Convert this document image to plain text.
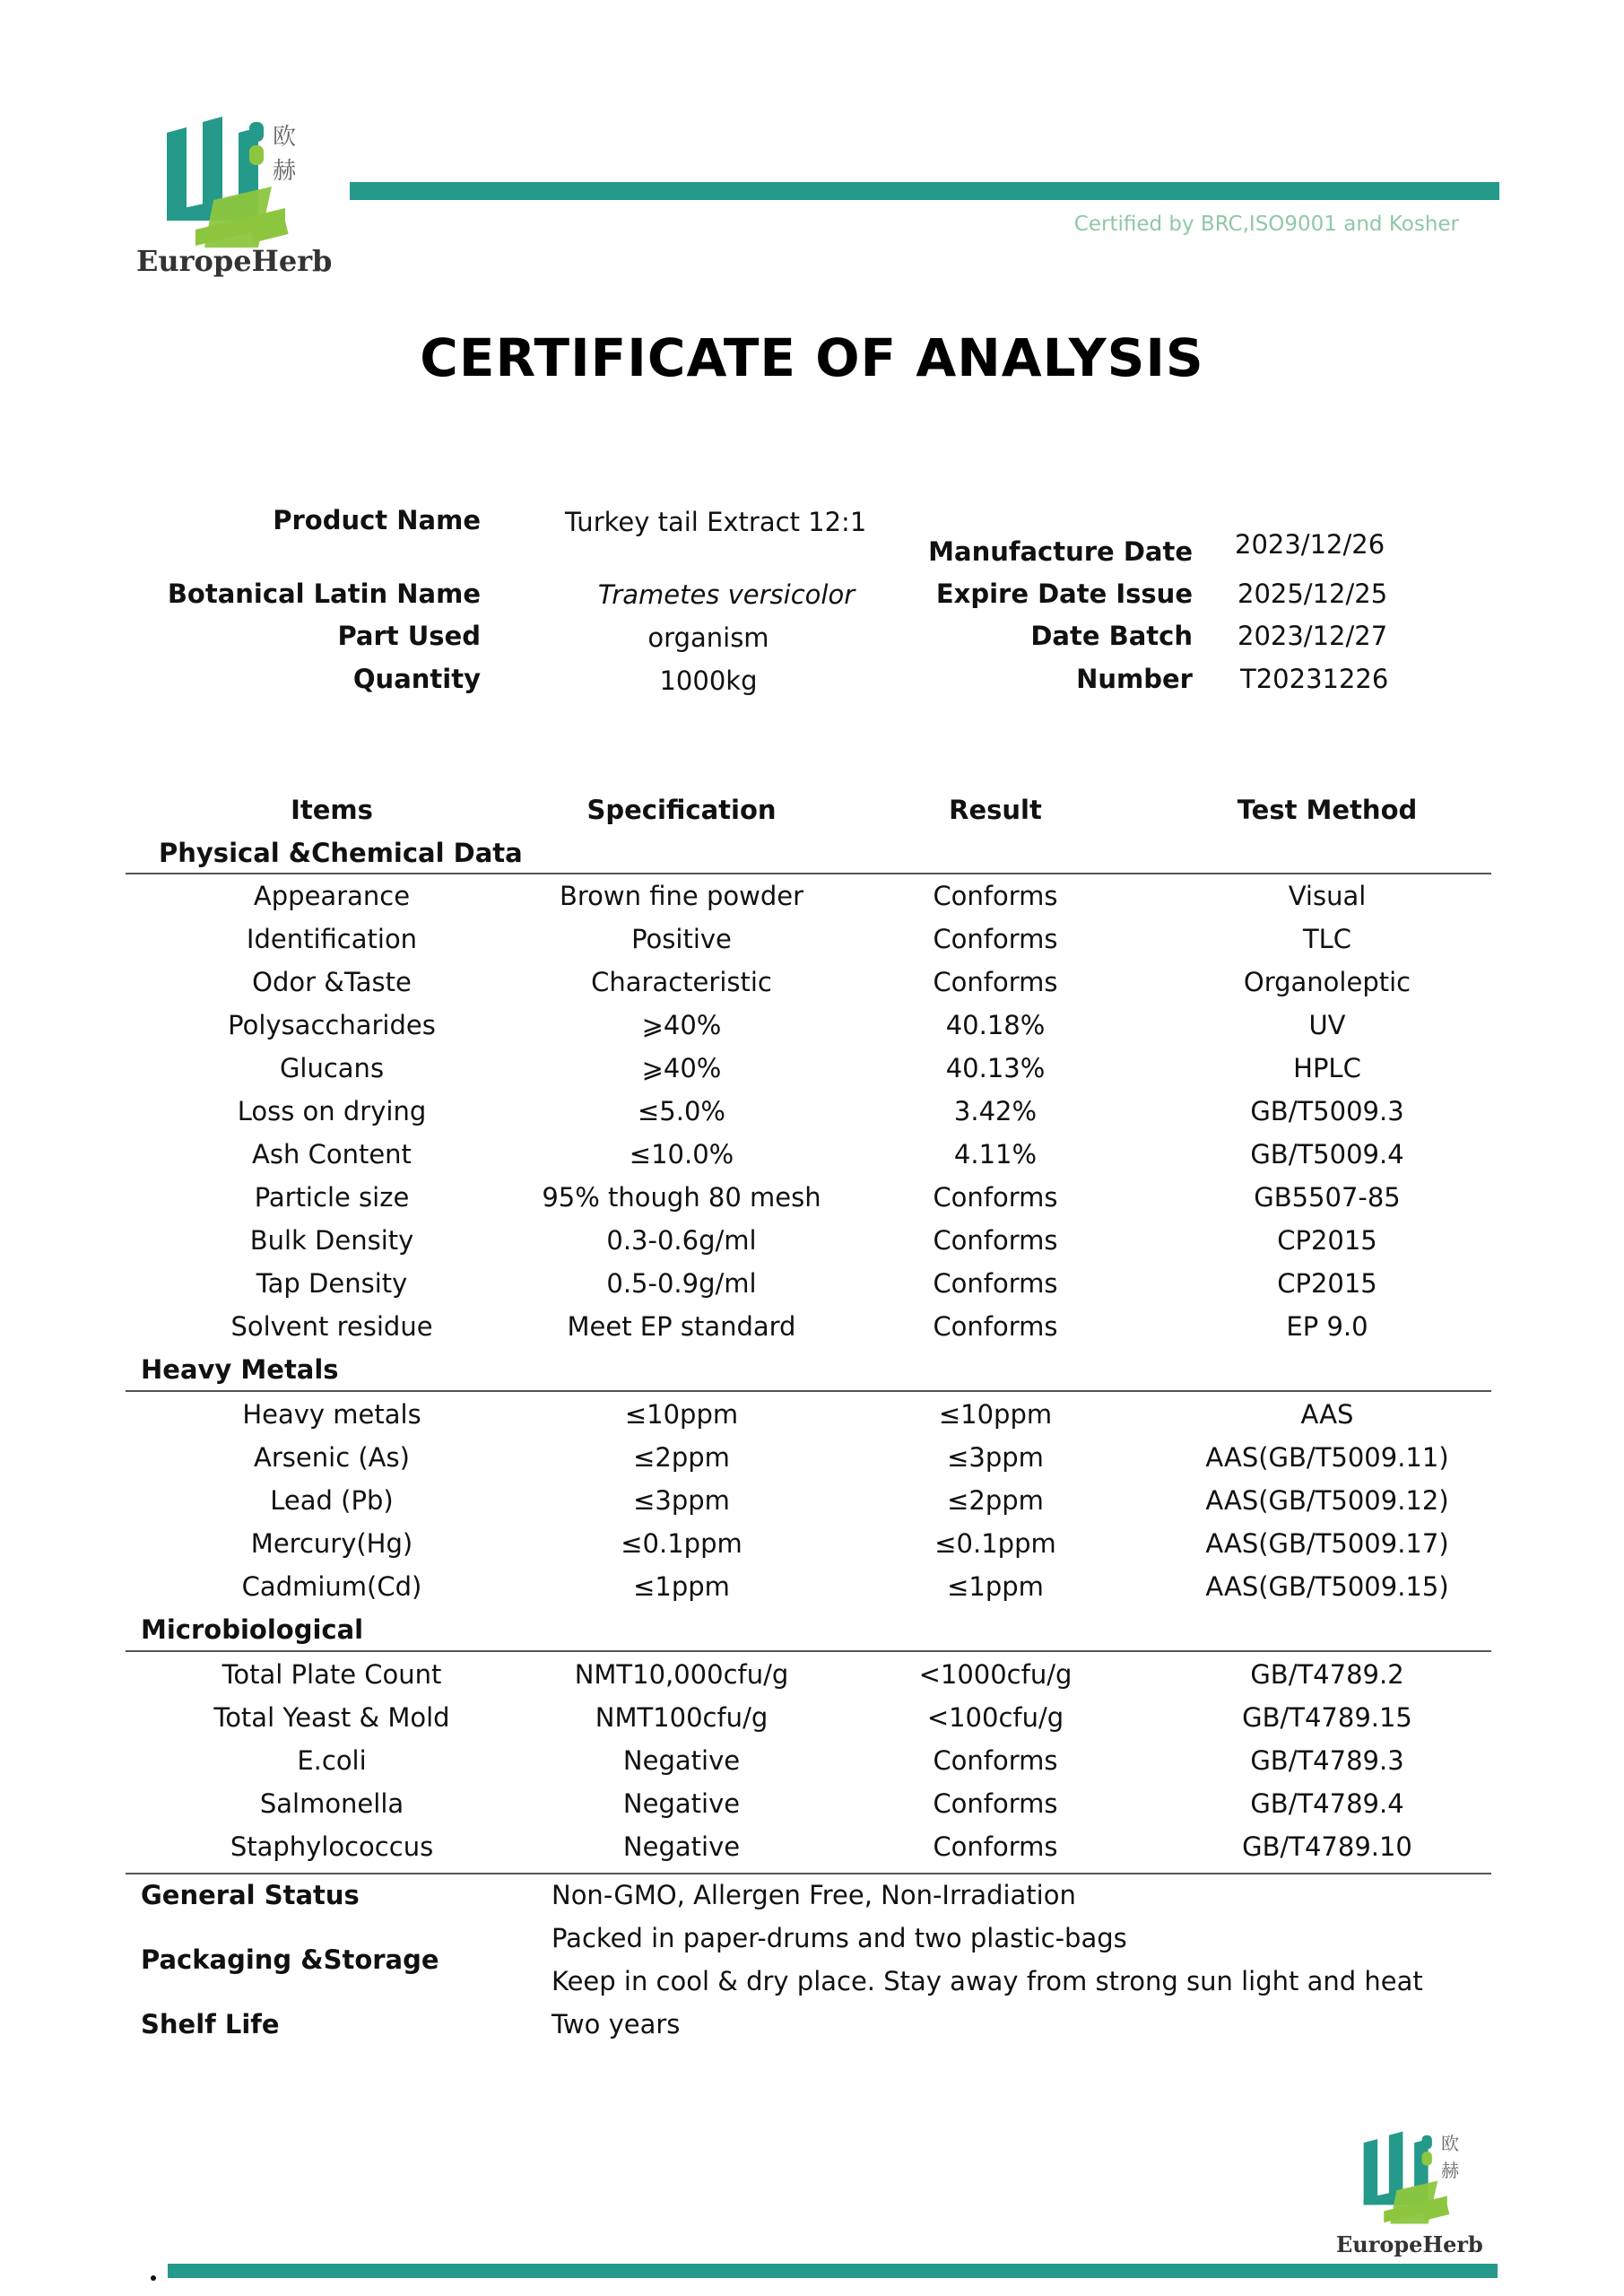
欧
赫
EuropeHerb
Certified by BRC,ISO9001 and Kosher
CERTIFICATE OF ANALYSIS
Product Name	Turkey tail Extract 12:1
Botanical Latin Name	Trametes versicolor
Part Used	organism
Quantity	1000kg
Manufacture Date 2023/12/26
Expire Date Issue 2025/12/25
Date Batch 2023/12/27
Number T20231226
Items	Specification	Result	Test Method
Physical &Chemical Data
Appearance	Brown fine powder	Conforms	Visual
Identification	Positive	Conforms	TLC
Odor &Taste	Characteristic	Conforms	Organoleptic
Polysaccharides	⩾40%	40.18%	UV
Glucans	⩾40%	40.13%	HPLC
Loss on drying	≤5.0%	3.42%	GB/T5009.3
Ash Content	≤10.0%	4.11%	GB/T5009.4
Particle size	95% though 80 mesh	Conforms	GB5507-85
Bulk Density	0.3-0.6g/ml	Conforms	CP2015
Tap Density	0.5-0.9g/ml	Conforms	CP2015
Solvent residue	Meet EP standard	Conforms	EP 9.0
Heavy Metals
Heavy metals	≤10ppm	≤10ppm	AAS
Arsenic (As)	≤2ppm	≤3ppm	AAS(GB/T5009.11)
Lead (Pb)	≤3ppm	≤2ppm	AAS(GB/T5009.12)
Mercury(Hg)	≤0.1ppm	≤0.1ppm	AAS(GB/T5009.17)
Cadmium(Cd)	≤1ppm	≤1ppm	AAS(GB/T5009.15)
Microbiological
Total Plate Count	NMT10,000cfu/g	<1000cfu/g	GB/T4789.2
Total Yeast & Mold	NMT100cfu/g	<100cfu/g	GB/T4789.15
E.coli	Negative	Conforms	GB/T4789.3
Salmonella	Negative	Conforms	GB/T4789.4
Staphylococcus	Negative	Conforms	GB/T4789.10
General Status	Non-GMO, Allergen Free, Non-Irradiation
Packaging &Storage
Packed in paper-drums and two plastic-bags
Keep in cool & dry place. Stay away from strong sun light and heat
Shelf Life	Two years
欧
赫
EuropeHerb
